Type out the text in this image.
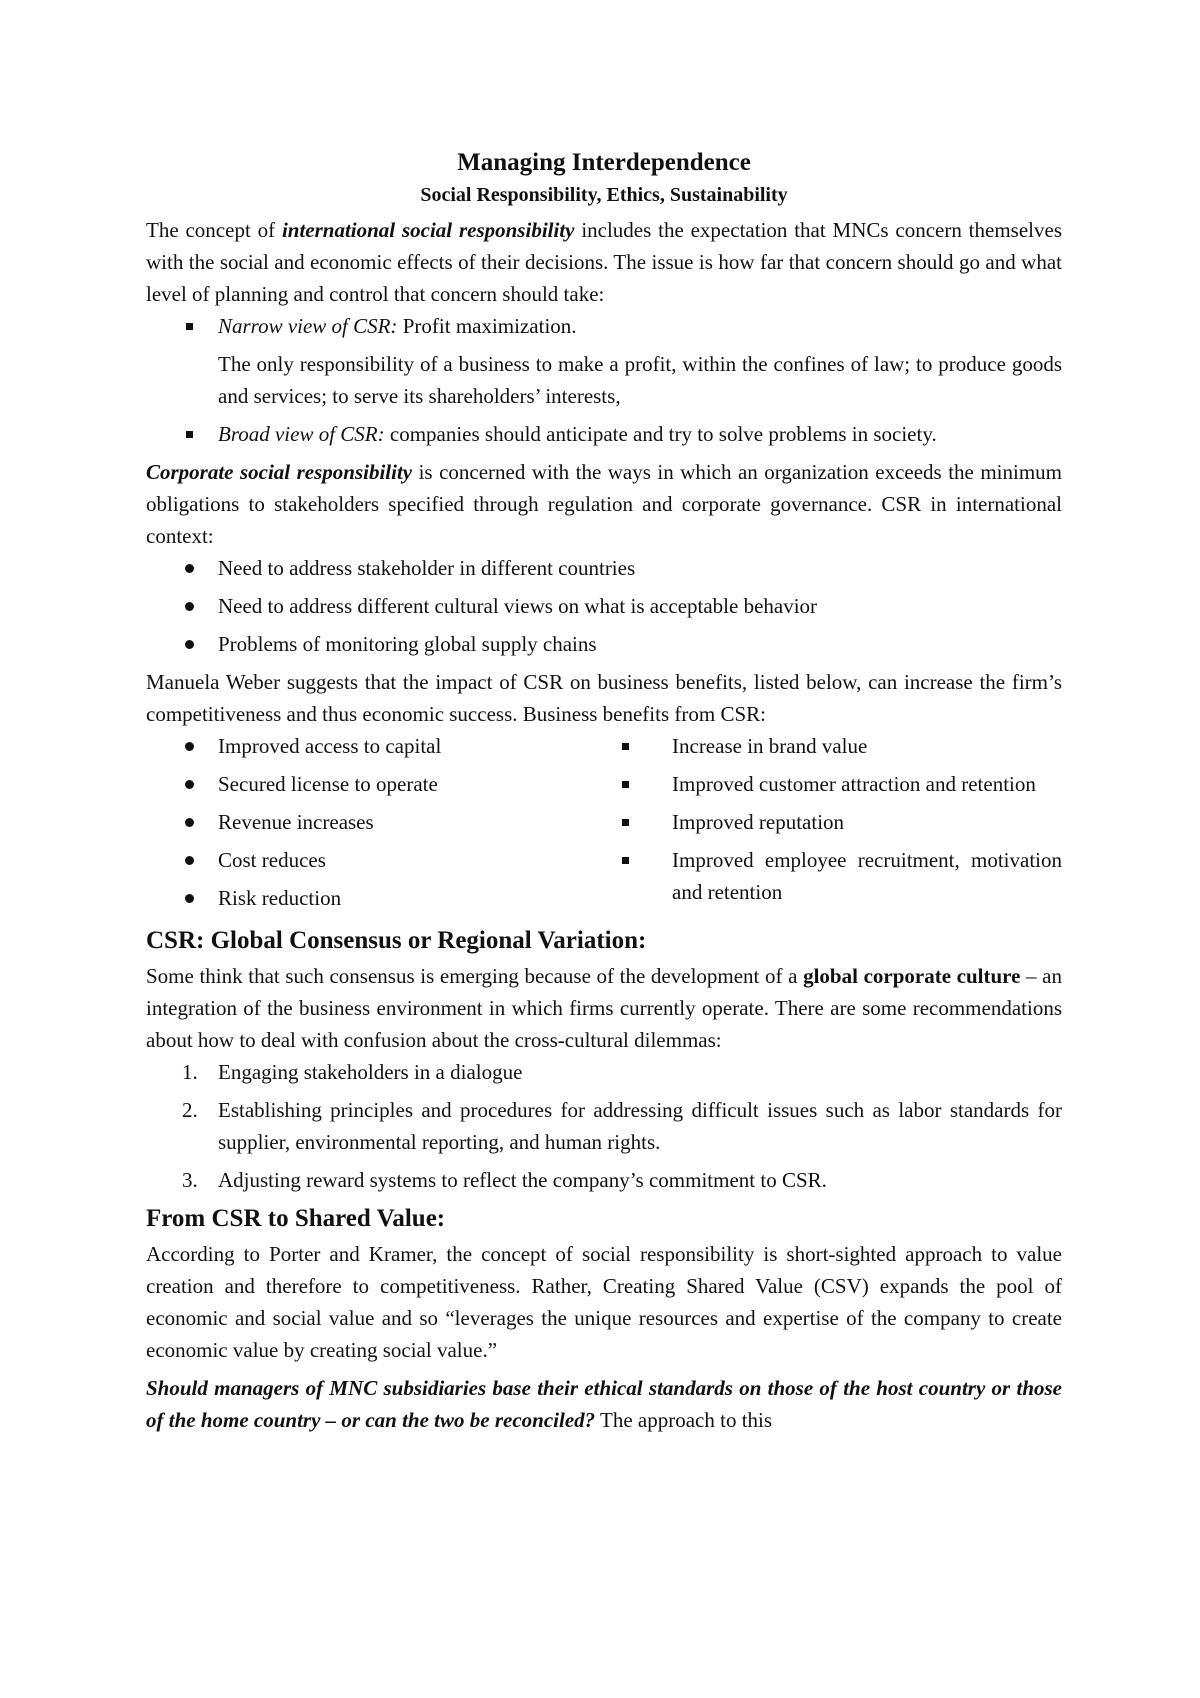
Managing Interdependence
Social Responsibility, Ethics, Sustainability

The concept of international social responsibility includes the expectation that MNCs concern themselves with the social and economic effects of their decisions. The issue is how far that concern should go and what level of planning and control that concern should take:

Narrow view of CSR: Profit maximization.

The only responsibility of a business to make a profit, within the confines of law; to produce goods and services; to serve its shareholders’ interests,

Broad view of CSR: companies should anticipate and try to solve problems in society.

Corporate social responsibility is concerned with the ways in which an organization exceeds the minimum obligations to stakeholders specified through regulation and corporate governance. CSR in international context:

Need to address stakeholder in different countries
Need to address different cultural views on what is acceptable behavior
Problems of monitoring global supply chains

Manuela Weber suggests that the impact of CSR on business benefits, listed below, can increase the firm’s competitiveness and thus economic success. Business benefits from CSR:

Improved access to capital
Secured license to operate
Revenue increases
Cost reduces
Risk reduction
Increase in brand value
Improved customer attraction and retention
Improved reputation
Improved employee recruitment, motivation and retention
CSR: Global Consensus or Regional Variation:

Some think that such consensus is emerging because of the development of a global corporate culture – an integration of the business environment in which firms currently operate. There are some recommendations about how to deal with confusion about the cross-cultural dilemmas:

1. Engaging stakeholders in a dialogue
2. Establishing principles and procedures for addressing difficult issues such as labor standards for supplier, environmental reporting, and human rights.
3. Adjusting reward systems to reflect the company’s commitment to CSR.
From CSR to Shared Value:

According to Porter and Kramer, the concept of social responsibility is short-sighted approach to value creation and therefore to competitiveness. Rather, Creating Shared Value (CSV) expands the pool of economic and social value and so “leverages the unique resources and expertise of the company to create economic value by creating social value.”

Should managers of MNC subsidiaries base their ethical standards on those of the host country or those of the home country – or can the two be reconciled? The approach to this
